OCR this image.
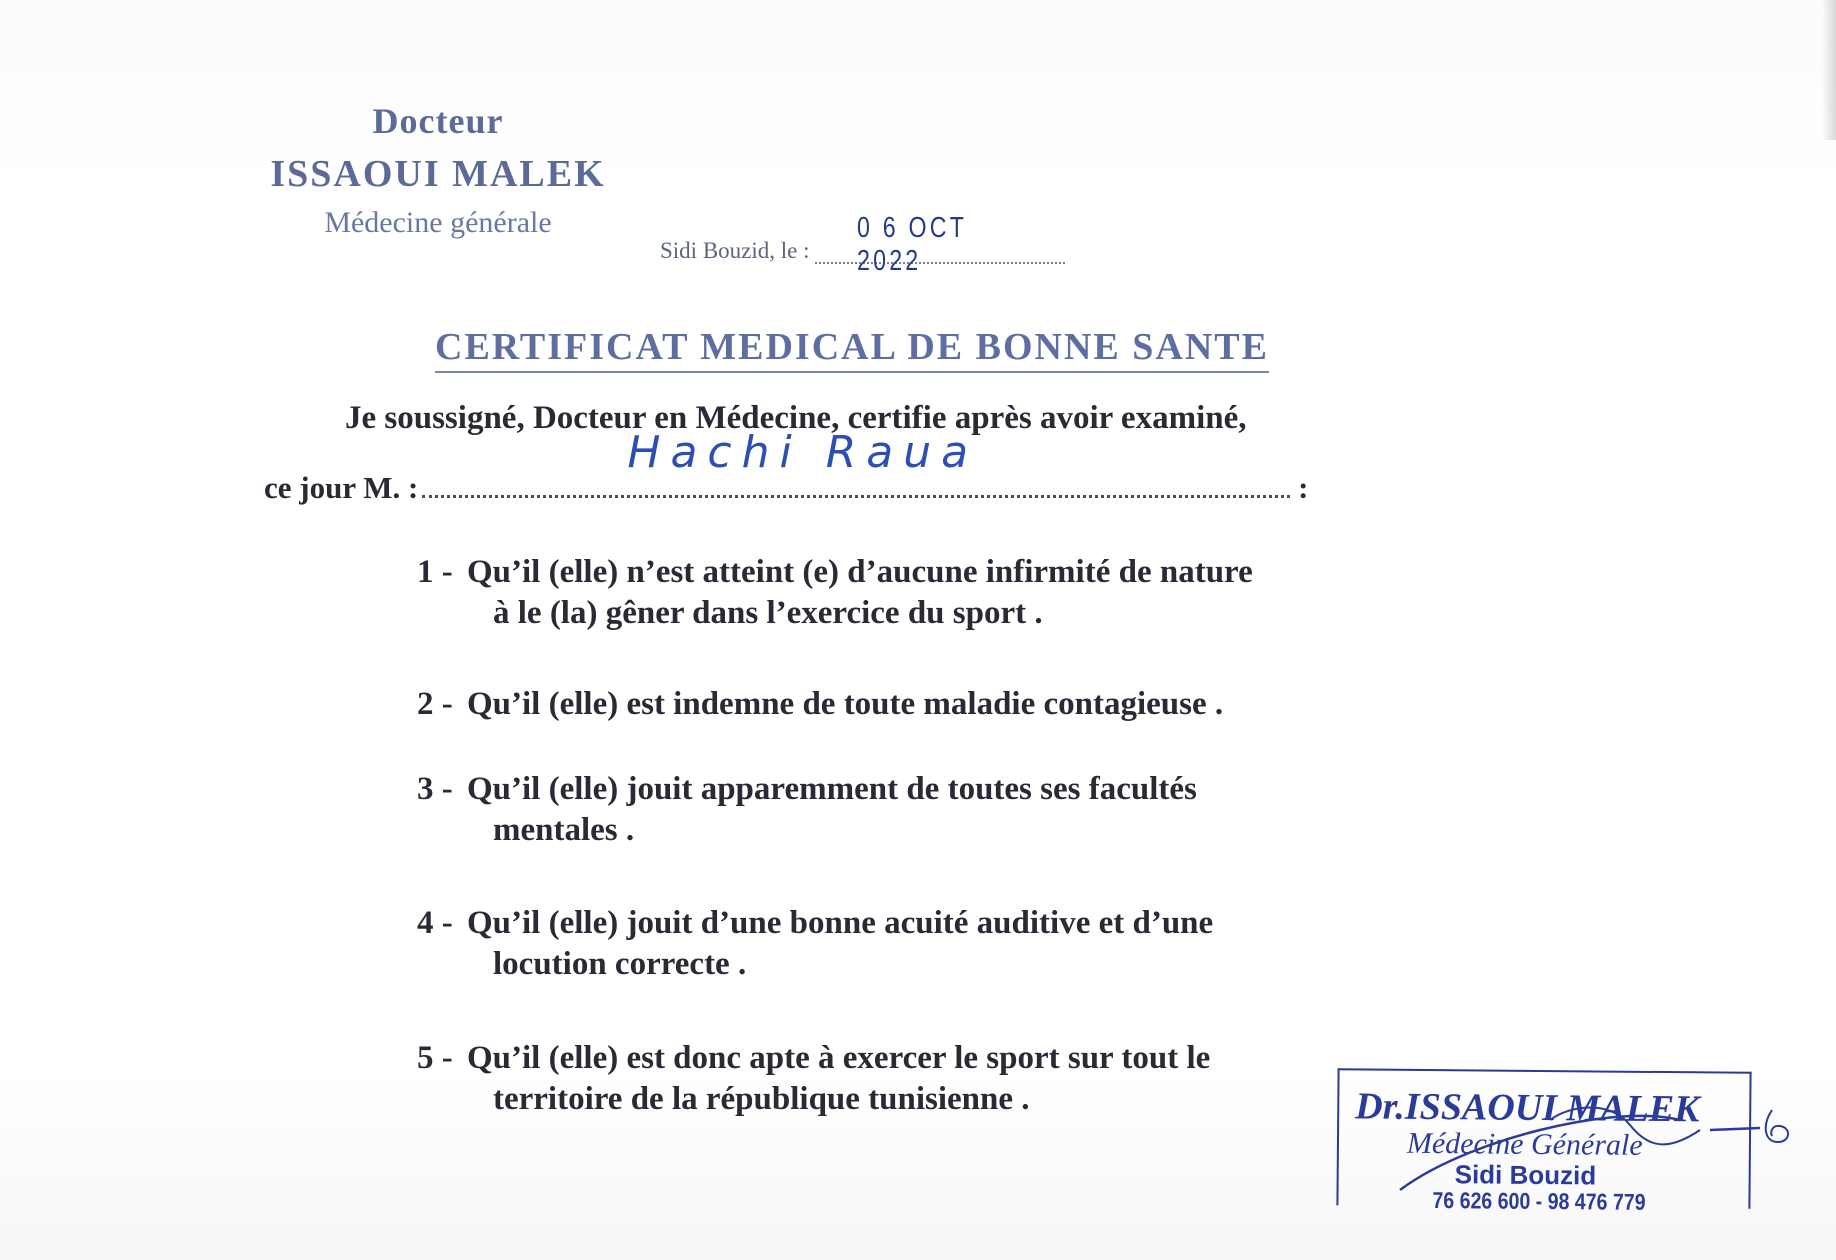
Docteur
ISSAOUI MALEK
Médecine générale
Sidi Bouzid, le :
0 6 OCT 2022
CERTIFICAT MEDICAL DE BONNE SANTE
Je soussigné, Docteur en Médecine, certifie après avoir examiné,
ce jour M. :
Hachi Raua
:
1 - Qu’il (elle) n’est atteint (e) d’aucune infirmité de nature
à le (la) gêner dans l’exercice du sport .
2 - Qu’il (elle) est indemne de toute maladie contagieuse .
3 - Qu’il (elle) jouit apparemment de toutes ses facultés
mentales .
4 - Qu’il (elle) jouit d’une bonne acuité auditive et d’une
locution correcte .
5 - Qu’il (elle) est donc apte à exercer le sport sur tout le
territoire de la république tunisienne .	Dr.ISSAOUI MALEK
Médecine Générale
Sidi Bouzid
76 626 600 - 98 476 779
